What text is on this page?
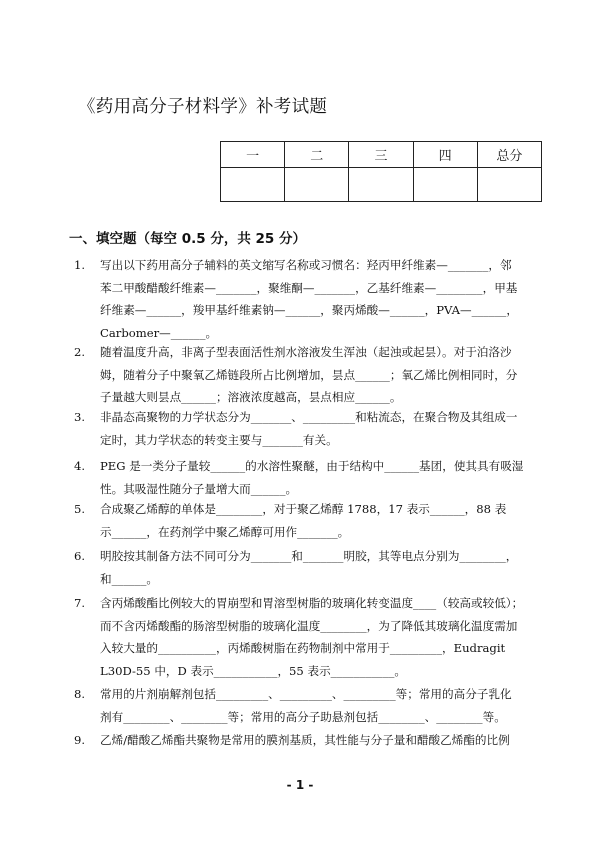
《药用高分子材料学》补考试题
一	二	三	四	总分

一、填空题（每空 0.5 分，共 25 分）
1. 写出以下药用高分子辅料的英文缩写名称或习惯名：羟丙甲纤维素—_______，邻
苯二甲酸醋酸纤维素—_______，聚维酮—_______，乙基纤维素—________，甲基
纤维素—______，羧甲基纤维素钠—______，聚丙烯酸—______，PVA—______，
Carbomer—______。
2. 随着温度升高，非离子型表面活性剂水溶液发生浑浊（起浊或起昙）。对于泊洛沙
姆，随着分子中聚氧乙烯链段所占比例增加，昙点______；氧乙烯比例相同时，分
子量越大则昙点______；溶液浓度越高，昙点相应______。
3. 非晶态高聚物的力学状态分为_______、_________和粘流态，在聚合物及其组成一
定时，其力学状态的转变主要与_______有关。
4. PEG 是一类分子量较______的水溶性聚醚，由于结构中______基团，使其具有吸湿
性。其吸湿性随分子量增大而______。
5. 合成聚乙烯醇的单体是________，对于聚乙烯醇 1788，17 表示______，88 表
示______，在药剂学中聚乙烯醇可用作_______。
6. 明胶按其制备方法不同可分为_______和_______明胶，其等电点分别为________，
和______。
7. 含丙烯酸酯比例较大的胃崩型和胃溶型树脂的玻璃化转变温度____（较高或较低）；
而不含丙烯酸酯的肠溶型树脂的玻璃化温度________，为了降低其玻璃化温度需加
入较大量的__________，丙烯酸树脂在药物制剂中常用于_________，Eudragit
L30D-55 中，D 表示___________，55 表示___________。
8. 常用的片剂崩解剂包括_________、_________、_________等；常用的高分子乳化
剂有________、________等；常用的高分子助悬剂包括________、________等。
9. 乙烯/醋酸乙烯酯共聚物是常用的膜剂基质，其性能与分子量和醋酸乙烯酯的比例
- 1 -
